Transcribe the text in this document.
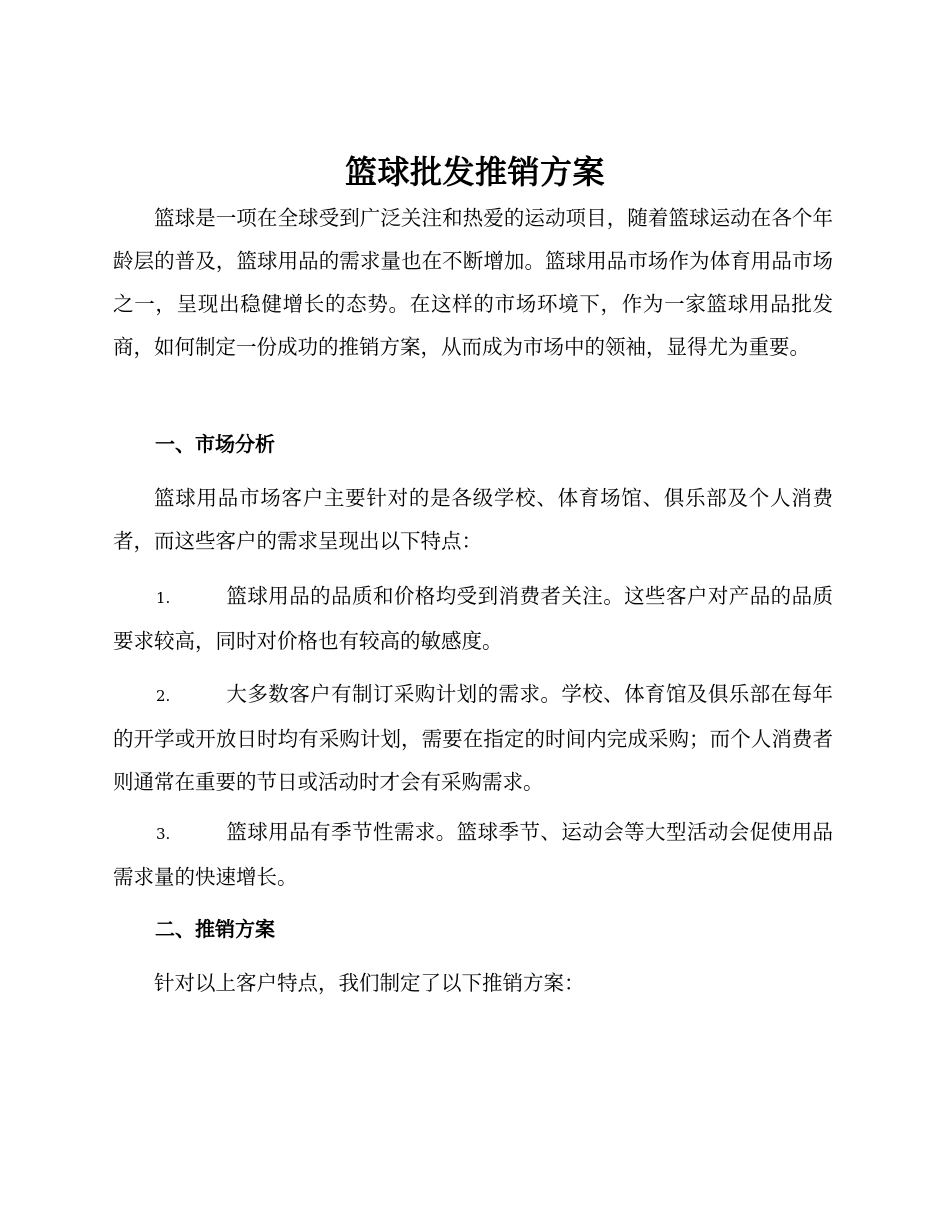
篮球批发推销方案
篮球是一项在全球受到广泛关注和热爱的运动项目，随着篮球运动在各个年龄层的普及，篮球用品的需求量也在不断增加。篮球用品市场作为体育用品市场之一，呈现出稳健增长的态势。在这样的市场环境下，作为一家篮球用品批发商，如何制定一份成功的推销方案，从而成为市场中的领袖，显得尤为重要。
一、市场分析
篮球用品市场客户主要针对的是各级学校、体育场馆、俱乐部及个人消费者，而这些客户的需求呈现出以下特点：
1.	篮球用品的品质和价格均受到消费者关注。这些客户对产品的品质要求较高，同时对价格也有较高的敏感度。
2.	大多数客户有制订采购计划的需求。学校、体育馆及俱乐部在每年的开学或开放日时均有采购计划，需要在指定的时间内完成采购；而个人消费者则通常在重要的节日或活动时才会有采购需求。
3.	篮球用品有季节性需求。篮球季节、运动会等大型活动会促使用品需求量的快速增长。
二、推销方案
针对以上客户特点，我们制定了以下推销方案：
